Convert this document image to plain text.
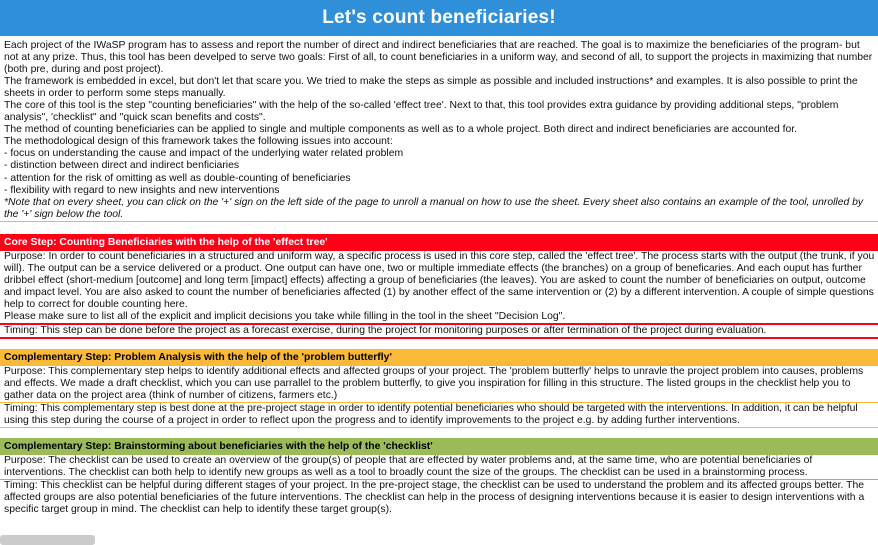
Let's count beneficiaries!
Each project of the IWaSP program has to assess and report the number of direct and indirect beneficiaries that are reached. The goal is to maximize the beneficiaries of the program- but not at any prize. Thus, this tool has been develped to serve two goals: First of all, to count beneficiaries in a uniform way, and second of all, to support the projects in maximizing that number (both pre, during and post project).
The framework is embedded in excel, but don't let that scare you. We tried to make the steps as simple as possible and included instructions* and examples. It is also possible to print the sheets in order to perform some steps manually.
The core of this tool is the step "counting beneficiaries" with the help of the so-called 'effect tree'. Next to that, this tool provides extra guidance by providing additional steps, "problem analysis", 'checklist" and "quick scan benefits and costs".
The method of counting beneficiaries can be applied to single and multiple components as well as to a whole project. Both direct and indirect beneficiaries are accounted for.
The methodological design of this framework takes the following issues into account:
- focus on understanding the cause and impact of the underlying water related problem
- distinction between direct and indirect benficiaries
- attention for the risk of omitting as well as double-counting of beneficiaries
- flexibility with regard to new insights and new interventions
*Note that on every sheet, you can click on the '+' sign on the left side of the page to unroll a manual on how to use the sheet. Every sheet also contains an example of the tool, unrolled by the '+' sign below the tool.
Core Step: Counting Beneficiaries with the help of the 'effect tree'
Purpose: In order to count beneficiaries in a structured and uniform way, a specific process is used in this core step, called the 'effect tree'. The process starts with the output (the trunk, if you will). The output can be a service delivered or a product. One output can have one, two or multiple immediate effects (the branches) on a group of beneficaries. And each ouput has further dribbel effect (short-medium [outcome] and long term [impact] effects) affecting a group of beneficiaries (the leaves). You are asked to count the number of beneficiaries on output, outcome and impact level. You are also asked to count the number of beneficiaries affected (1) by another effect of the same intervention or (2) by a different intervention. A couple of simple questions help to correct for double counting here.
Please make sure to list all of the explicit and implicit decisions you take while filling in the tool in the sheet "Decision Log".
Timing: This step can be done before the project as a forecast exercise, during the project for monitoring purposes or after termination of the project during evaluation.
Complementary Step: Problem Analysis with the help of the 'problem butterfly'
Purpose: This complementary step helps to identify additional effects and affected groups of your project. The 'problem butterfly' helps to unravle the project problem into causes, problems and effects. We made a draft checklist, which you can use parrallel to the problem butterfly, to give you inspiration for filling in this structure. The listed groups in the checklist help you to gather data on the project area (think of number of citizens, farmers etc.)
Timing: This complementary step is best done at the pre-project stage in order to identify potential beneficiaries who should be targeted with the interventions. In addition, it can be helpful using this step during the course of a project in order to reflect upon the progress and to identify improvements to the project e.g. by adding further interventions.
Complementary Step: Brainstorming about beneficiaries with the help of the 'checklist'
Purpose: The checklist can be used to create an overview of the group(s) of people that are effected by water problems and, at the same time, who are potential beneficiaries of interventions. The checklist can both help to identify new groups as well as a tool to broadly count the size of the groups. The checklist can be used in a brainstorming process.
Timing: This checklist can be helpful during different stages of your project. In the pre-project stage, the checklist can be used to understand the problem and its affected groups better. The affected groups are also potential beneficiaries of the future interventions. The checklist can help in the process of designing interventions because it is easier to design interventions with a specific target group in mind. The checklist can help to identify these target group(s).
